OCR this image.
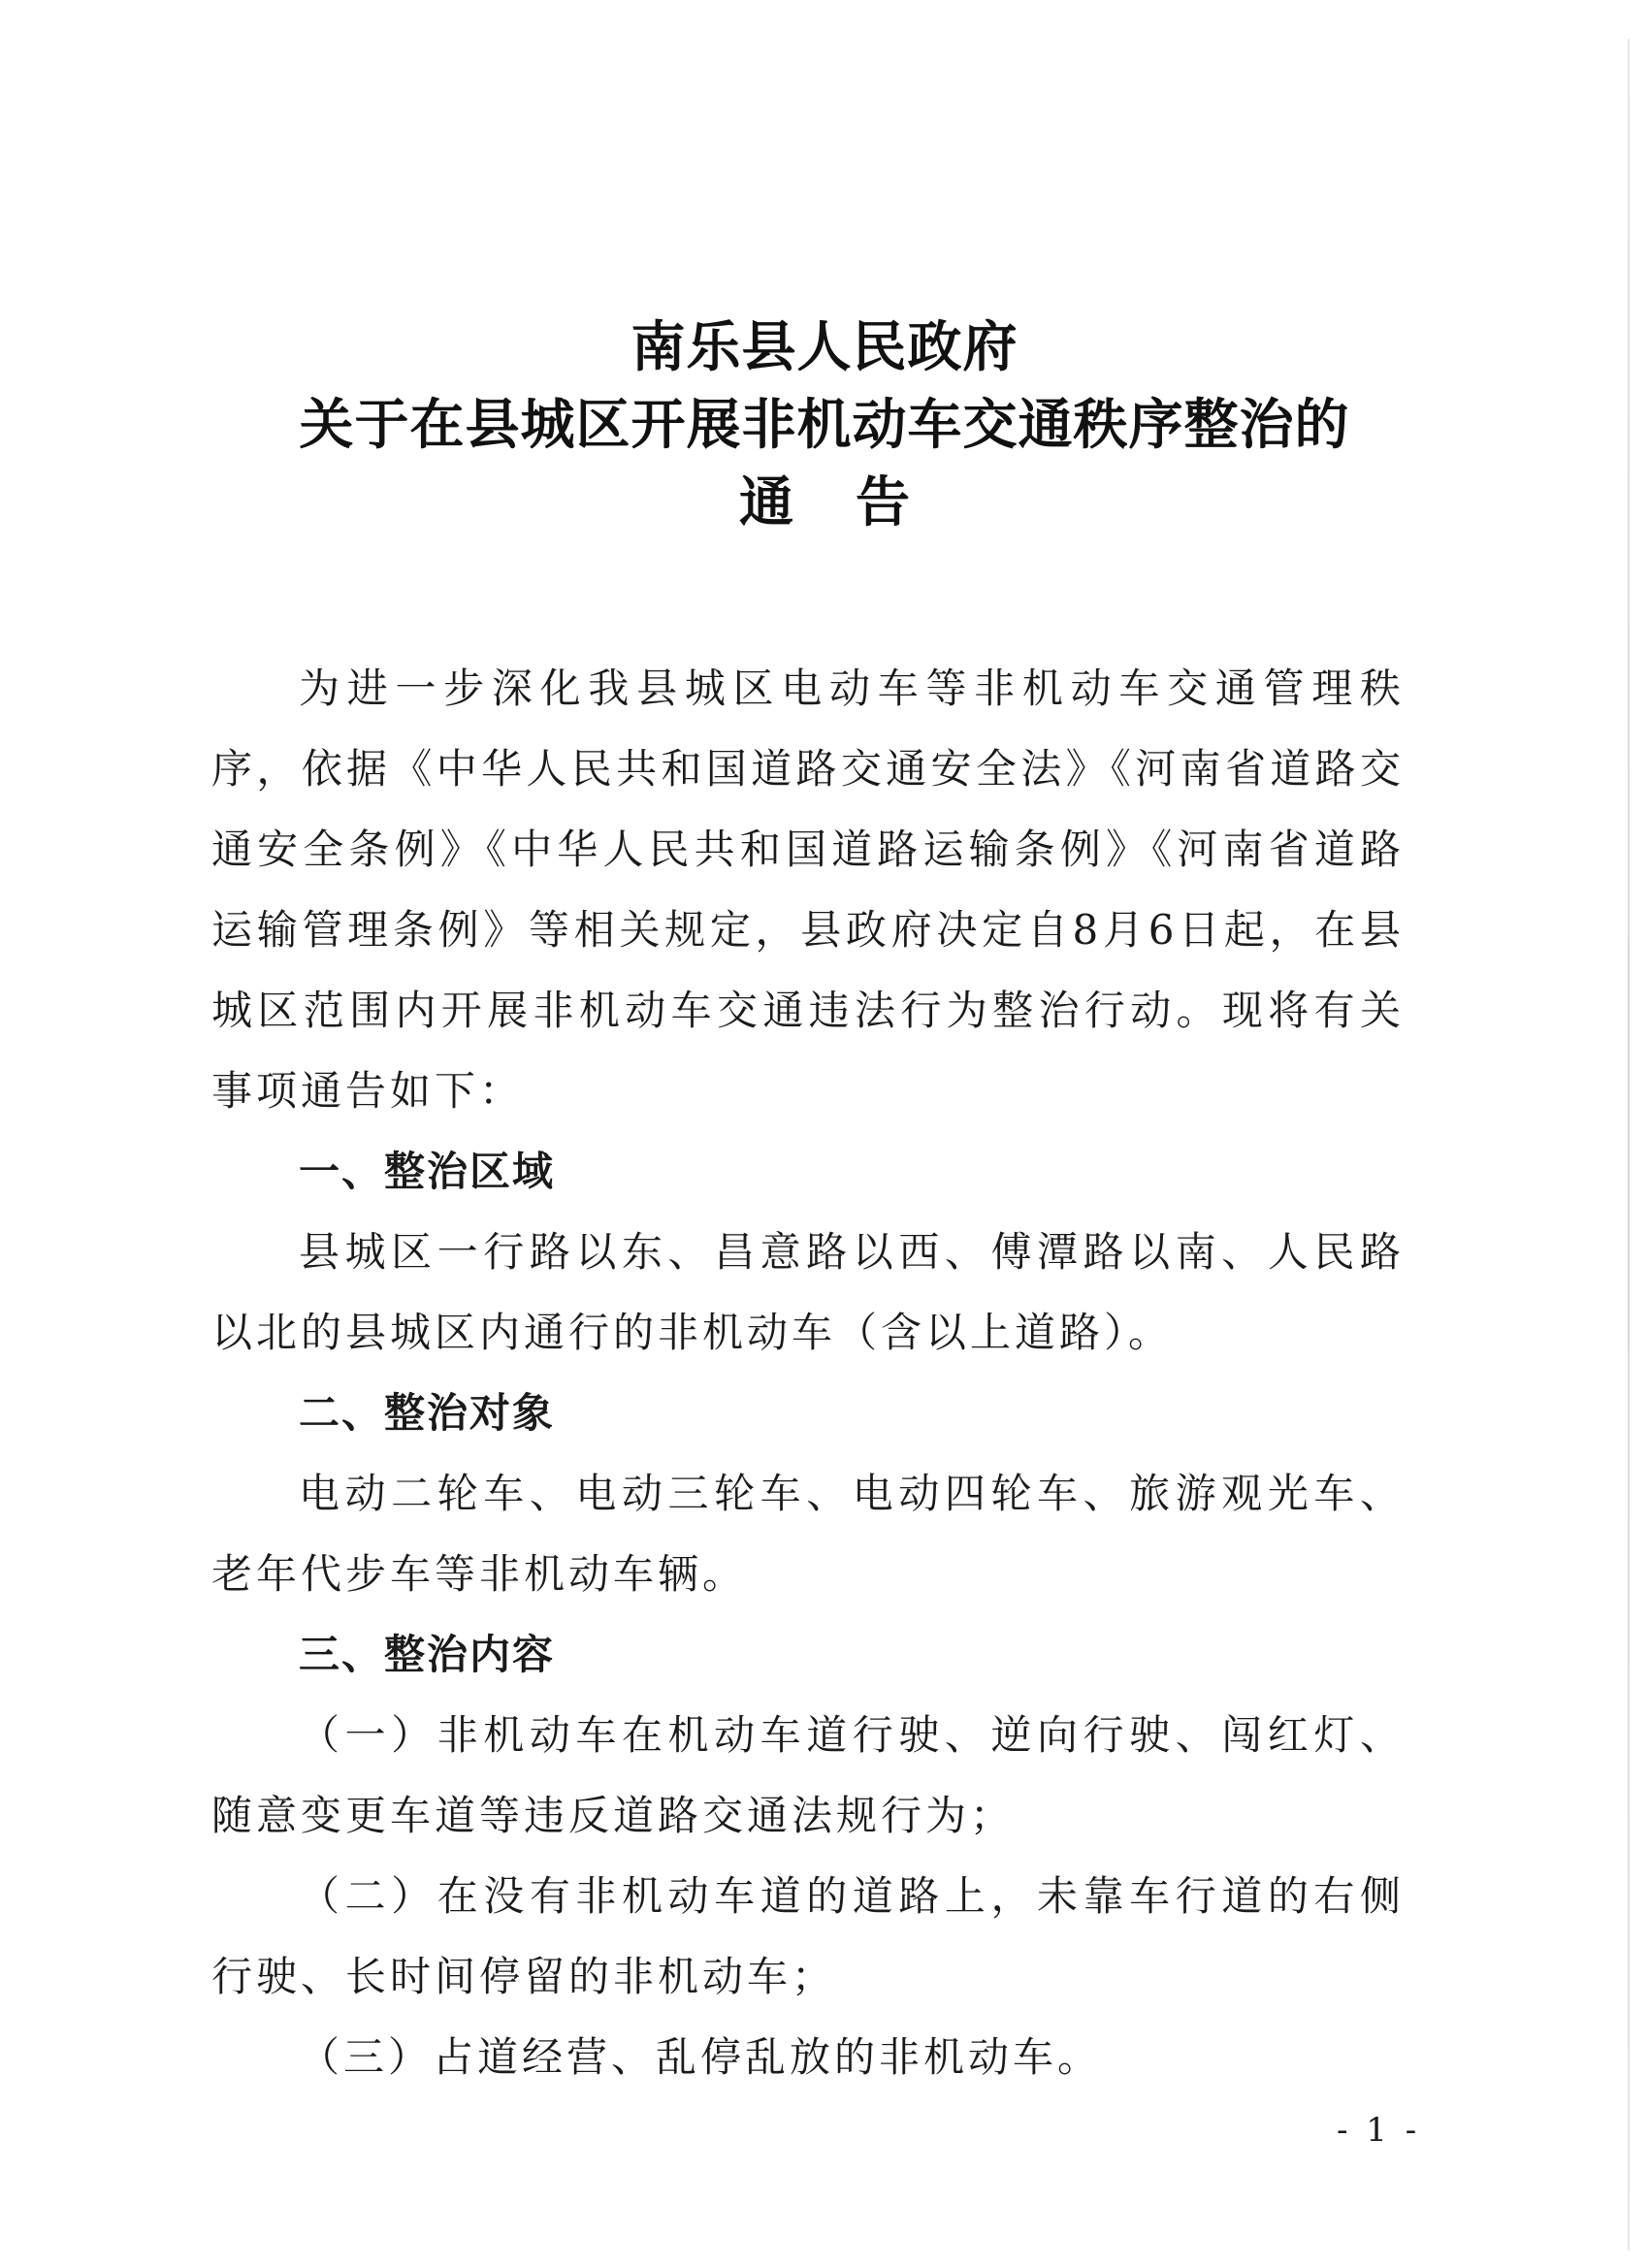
南乐县人民政府
关于在县城区开展非机动车交通秩序整治的
通告

为进一步深化我县城区电动车等非机动车交通管理秩序，依据《中华人民共和国道路交通安全法》《河南省道路交通安全条例》《中华人民共和国道路运输条例》《河南省道路运输管理条例》等相关规定，县政府决定自8月6日起，在县城区范围内开展非机动车交通违法行为整治行动。现将有关事项通告如下：

一、整治区域

县城区一行路以东、昌意路以西、傅潭路以南、人民路以北的县城区内通行的非机动车（含以上道路）。

二、整治对象

电动二轮车、电动三轮车、电动四轮车、旅游观光车、老年代步车等非机动车辆。

三、整治内容

（一）非机动车在机动车道行驶、逆向行驶、闯红灯、随意变更车道等违反道路交通法规行为；

（二）在没有非机动车道的道路上，未靠车行道的右侧行驶、长时间停留的非机动车；

（三）占道经营、乱停乱放的非机动车。

- 1 -
